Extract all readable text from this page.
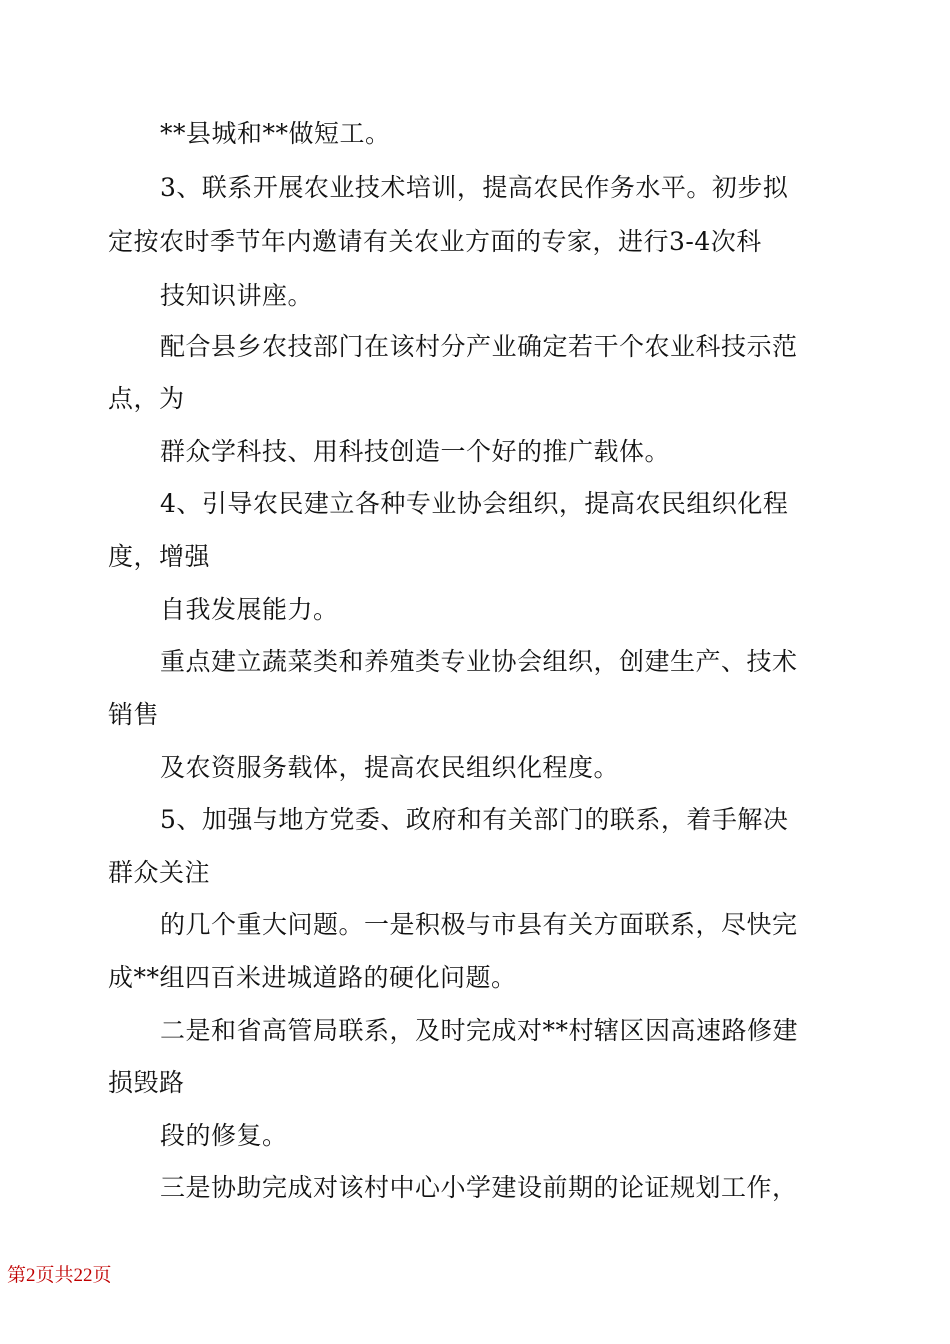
**县城和**做短工。
3、联系开展农业技术培训，提高农民作务水平。初步拟
定按农时季节年内邀请有关农业方面的专家，进行3-4次科
技知识讲座。
配合县乡农技部门在该村分产业确定若干个农业科技示范
点，为
群众学科技、用科技创造一个好的推广载体。
4、引导农民建立各种专业协会组织，提高农民组织化程
度，增强
自我发展能力。
重点建立蔬菜类和养殖类专业协会组织，创建生产、技术
销售
及农资服务载体，提高农民组织化程度。
5、加强与地方党委、政府和有关部门的联系，着手解决
群众关注
的几个重大问题。一是积极与市县有关方面联系，尽快完
成**组四百米进城道路的硬化问题。
二是和省高管局联系，及时完成对**村辖区因高速路修建
损毁路
段的修复。
三是协助完成对该村中心小学建设前期的论证规划工作，
第2页共22页
